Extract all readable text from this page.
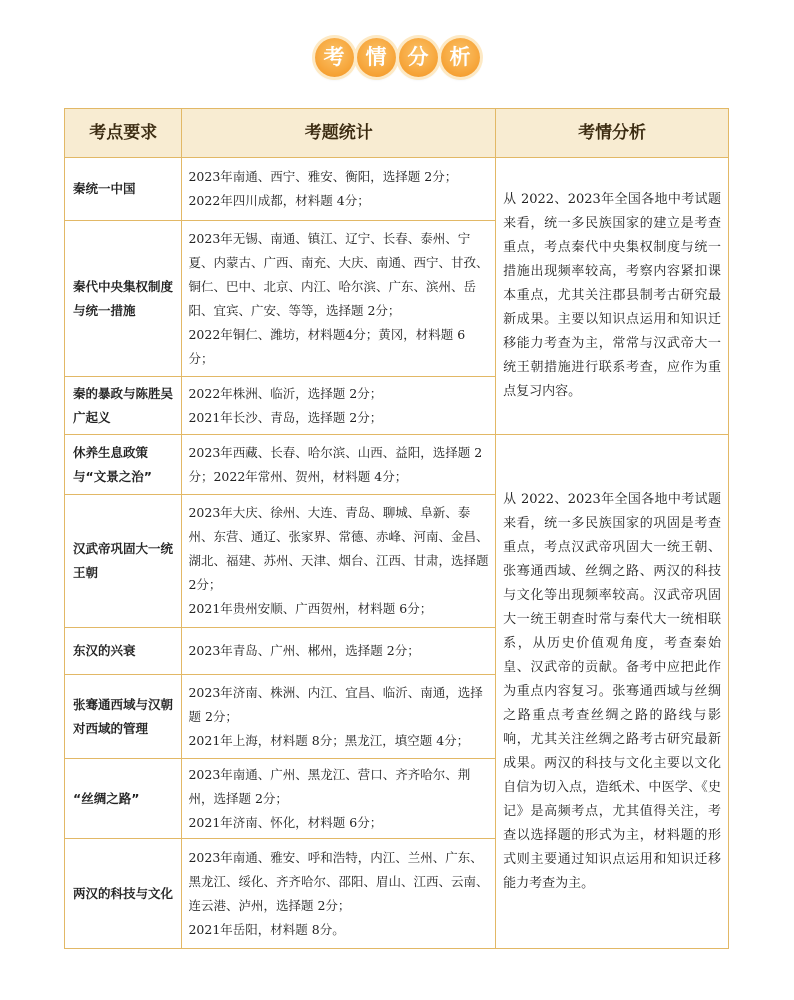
考	情	分	析
考点要求	考题统计	考情分析
秦统一中国	2023年南通、西宁、雅安、衡阳，选择题 2分；

2022年四川成都，材料题 4分；	从 2022、2023年全国各地中考试题来看，统一多民族国家的建立是考查重点，考点秦代中央集权制度与统一措施出现频率较高，考察内容紧扣课本重点，尤其关注郡县制考古研究最新成果。主要以知识点运用和知识迁移能力考查为主，常常与汉武帝大一统王朝措施进行联系考查，应作为重点复习内容。
秦代中央集权制度与统一措施	2023年无锡、南通、镇江、辽宁、长春、泰州、宁夏、内蒙古、广西、南充、大庆、南通、西宁、甘孜、铜仁、巴中、北京、内江、哈尔滨、广东、滨州、岳阳、宜宾、广安、等等，选择题 2分；

2022年铜仁、潍坊，材料题4分；黄冈，材料题 6分；	

秦的暴政与陈胜吴广起义	2022年株洲、临沂，选择题 2分；

2021年长沙、青岛，选择题 2分；	

休养生息政策与“文景之治”	2023年西藏、长春、哈尔滨、山西、益阳，选择题 2分；2022年常州、贺州，材料题 4分；	从 2022、2023年全国各地中考试题来看，统一多民族国家的巩固是考查重点，考点汉武帝巩固大一统王朝、张骞通西域、丝绸之路、两汉的科技与文化等出现频率较高。汉武帝巩固大一统王朝查时常与秦代大一统相联系，从历史价值观角度，考查秦始皇、汉武帝的贡献。备考中应把此作为重点内容复习。张骞通西域与丝绸之路重点考查丝绸之路的路线与影响，尤其关注丝绸之路考古研究最新成果。两汉的科技与文化主要以文化自信为切入点，造纸术、中医学、《史记》是高频考点，尤其值得关注，考查以选择题的形式为主，材料题的形式则主要通过知识点运用和知识迁移能力考查为主。
汉武帝巩固大一统王朝	2023年大庆、徐州、大连、青岛、聊城、阜新、泰州、东营、通辽、张家界、常德、赤峰、河南、金昌、湖北、福建、苏州、天津、烟台、江西、甘肃，选择题 2分；

2021年贵州安顺、广西贺州，材料题 6分；	

东汉的兴衰	2023年青岛、广州、郴州，选择题 2分；	

张骞通西域与汉朝对西域的管理	2023年济南、株洲、内江、宜昌、临沂、南通，选择题 2分；

2021年上海，材料题 8分；黑龙江，填空题 4分；	

“丝绸之路”	2023年南通、广州、黑龙江、营口、齐齐哈尔、荆州，选择题 2分；

2021年济南、怀化，材料题 6分；	

两汉的科技与文化	2023年南通、雅安、呼和浩特，内江、兰州、广东、黑龙江、绥化、齐齐哈尔、邵阳、眉山、江西、云南、连云港、泸州，选择题 2分；

2021年岳阳，材料题 8分。	
